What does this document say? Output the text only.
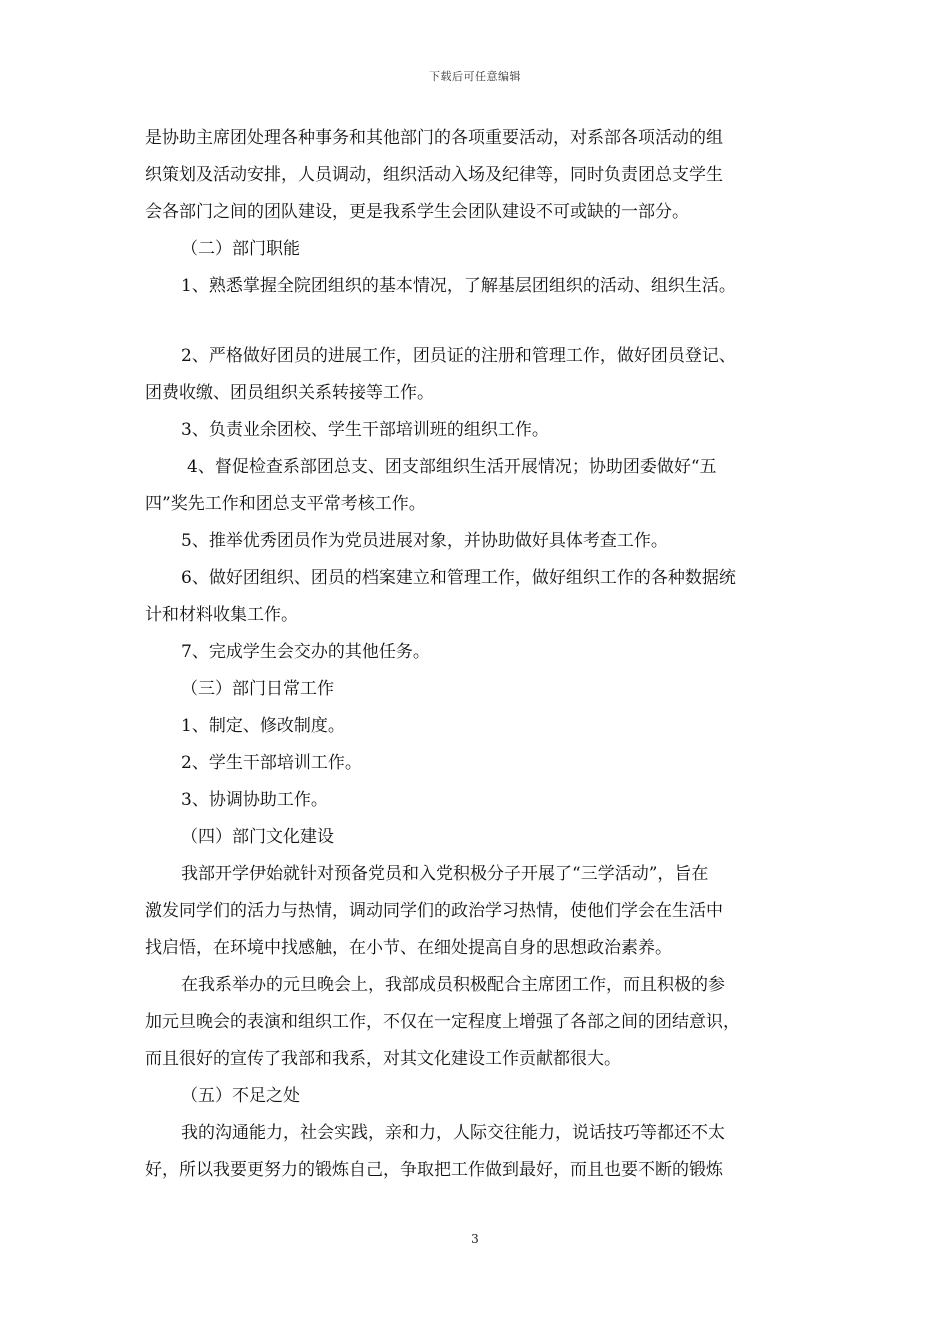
下载后可任意编辑

是协助主席团处理各种事务和其他部门的各项重要活动，对系部各项活动的组

织策划及活动安排，人员调动，组织活动入场及纪律等，同时负责团总支学生

会各部门之间的团队建设，更是我系学生会团队建设不可或缺的一部分。

（二）部门职能

1、熟悉掌握全院团组织的基本情况，了解基层团组织的活动、组织生活。

2、严格做好团员的进展工作，团员证的注册和管理工作，做好团员登记、

团费收缴、团员组织关系转接等工作。

3、负责业余团校、学生干部培训班的组织工作。

4、督促检查系部团总支、团支部组织生活开展情况；协助团委做好“五

四”奖先工作和团总支平常考核工作。

5、推举优秀团员作为党员进展对象，并协助做好具体考查工作。

6、做好团组织、团员的档案建立和管理工作，做好组织工作的各种数据统

计和材料收集工作。

7、完成学生会交办的其他任务。

（三）部门日常工作

1、制定、修改制度。

2、学生干部培训工作。

3、协调协助工作。

（四）部门文化建设

我部开学伊始就针对预备党员和入党积极分子开展了“三学活动”，旨在

激发同学们的活力与热情，调动同学们的政治学习热情，使他们学会在生活中

找启悟，在环境中找感触，在小节、在细处提高自身的思想政治素养。

在我系举办的元旦晚会上，我部成员积极配合主席团工作，而且积极的参

加元旦晚会的表演和组织工作，不仅在一定程度上增强了各部之间的团结意识，

而且很好的宣传了我部和我系，对其文化建设工作贡献都很大。

（五）不足之处

我的沟通能力，社会实践，亲和力，人际交往能力，说话技巧等都还不太

好，所以我要更努力的锻炼自己，争取把工作做到最好，而且也要不断的锻炼

3
